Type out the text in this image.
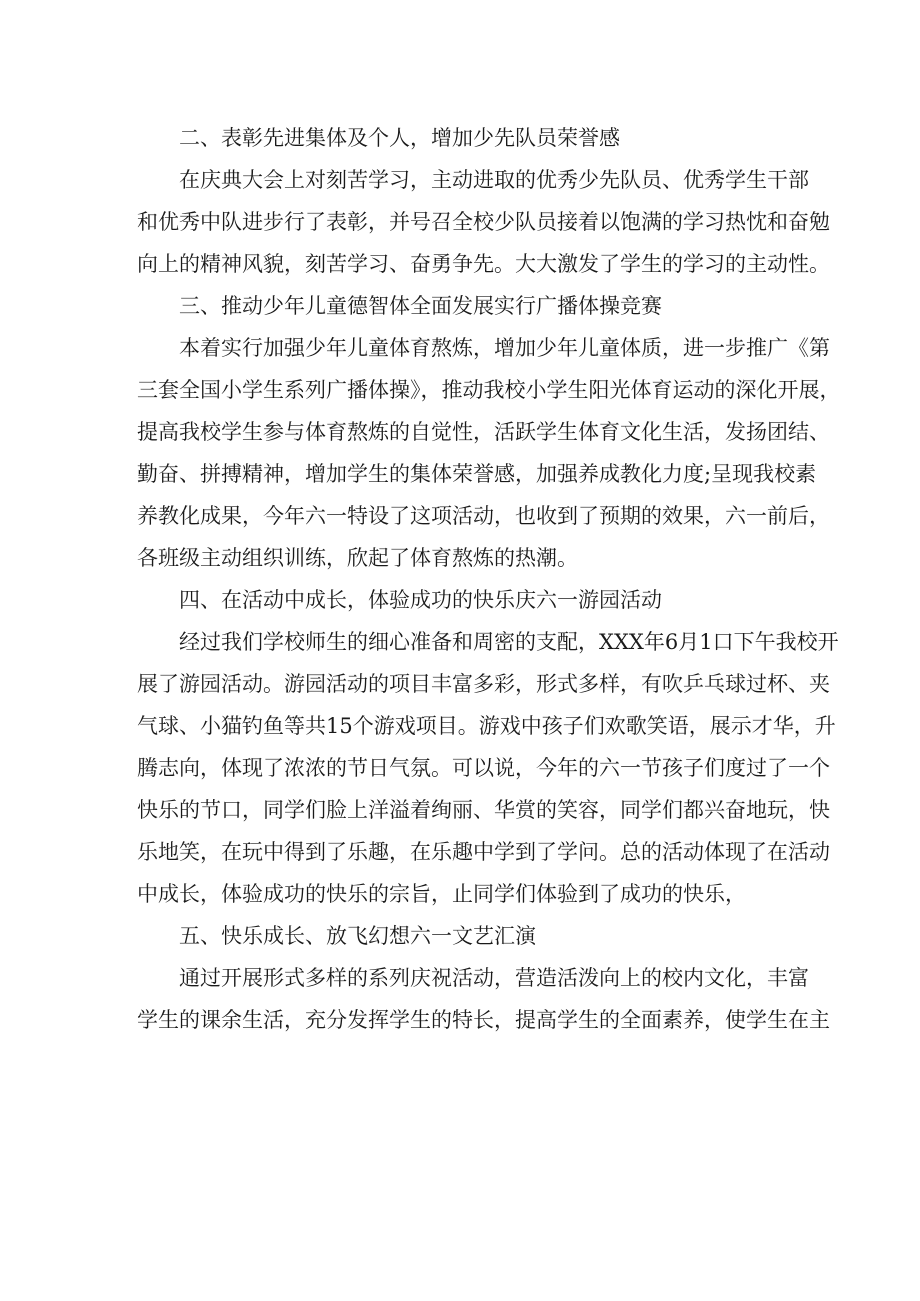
二、表彰先进集体及个人，增加少先队员荣誉感

在庆典大会上对刻苦学习，主动进取的优秀少先队员、优秀学生干部
和优秀中队进步行了表彰，并号召全校少队员接着以饱满的学习热忱和奋勉
向上的精神风貌，刻苦学习、奋勇争先。大大激发了学生的学习的主动性。

三、推动少年儿童德智体全面发展实行广播体操竞赛

本着实行加强少年儿童体育熬炼，增加少年儿童体质，进一步推广《第
三套全国小学生系列广播体操》，推动我校小学生阳光体育运动的深化开展，
提高我校学生参与体育熬炼的自觉性，活跃学生体育文化生活，发扬团结、
勤奋、拼搏精神，增加学生的集体荣誉感，加强养成教化力度;呈现我校素
养教化成果，今年六一特设了这项活动，也收到了预期的效果，六一前后，
各班级主动组织训练，欣起了体育熬炼的热潮。

四、在活动中成长，体验成功的快乐庆六一游园活动

经过我们学校师生的细心准备和周密的支配，XXX年6月1口下午我校开
展了游园活动。游园活动的项目丰富多彩，形式多样，有吹乒乓球过杯、夹
气球、小猫钓鱼等共15个游戏项目。游戏中孩子们欢歌笑语，展示才华，升
腾志向，体现了浓浓的节日气氛。可以说，今年的六一节孩子们度过了一个
快乐的节口，同学们脸上洋溢着绚丽、华赏的笑容，同学们都兴奋地玩，快
乐地笑，在玩中得到了乐趣，在乐趣中学到了学问。总的活动体现了在活动
中成长，体验成功的快乐的宗旨，止同学们体验到了成功的快乐，

五、快乐成长、放飞幻想六一文艺汇演

通过开展形式多样的系列庆祝活动，营造活泼向上的校内文化，丰富
学生的课余生活，充分发挥学生的特长，提高学生的全面素养，使学生在主
